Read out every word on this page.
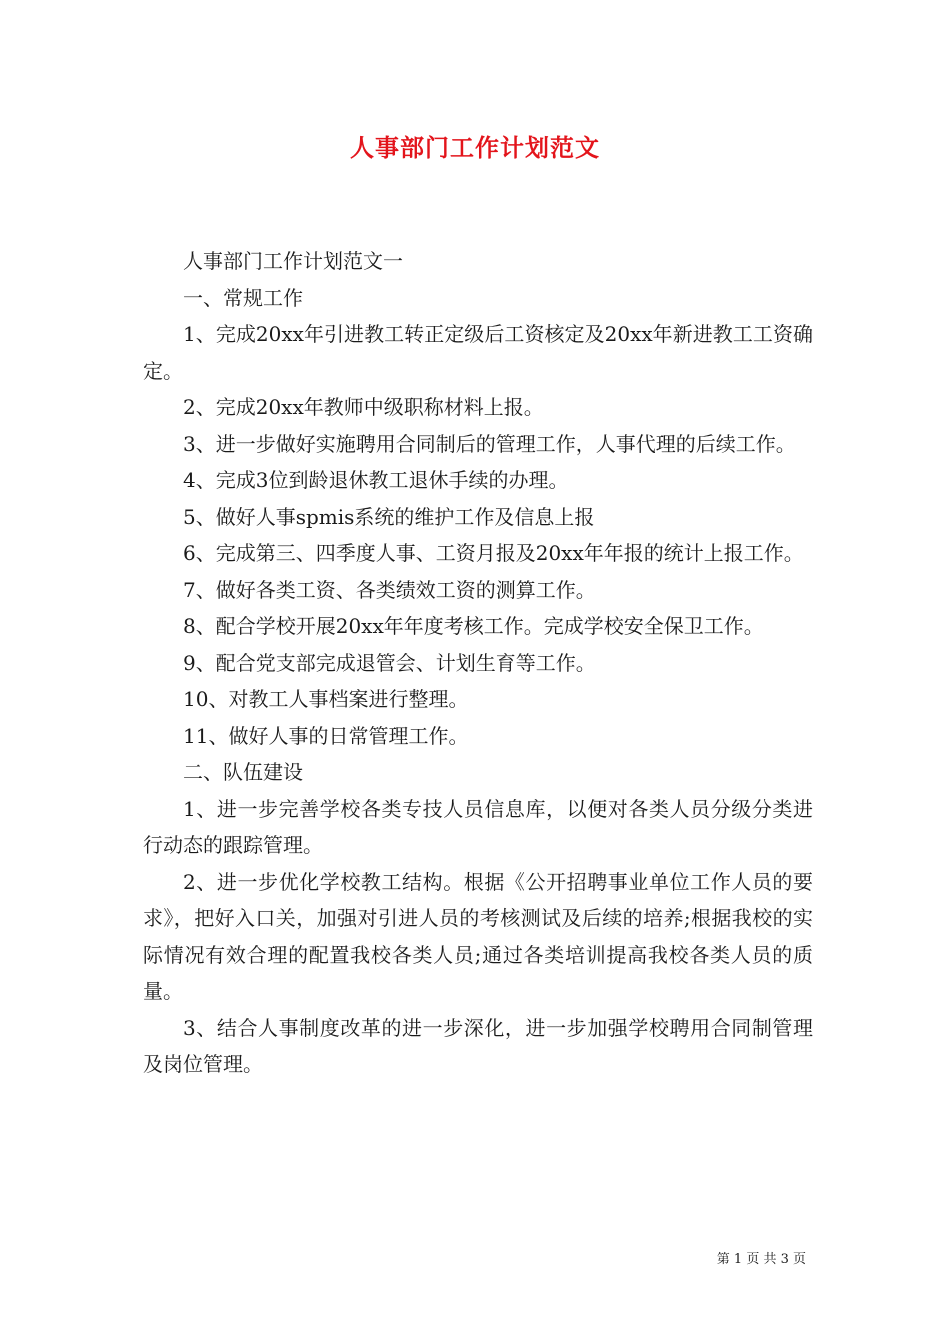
人事部门工作计划范文

人事部门工作计划范文一

一、常规工作

1、完成20xx年引进教工转正定级后工资核定及20xx年新进教工工资确定。

2、完成20xx年教师中级职称材料上报。

3、进一步做好实施聘用合同制后的管理工作，人事代理的后续工作。

4、完成3位到龄退休教工退休手续的办理。

5、做好人事spmis系统的维护工作及信息上报

6、完成第三、四季度人事、工资月报及20xx年年报的统计上报工作。

7、做好各类工资、各类绩效工资的测算工作。

8、配合学校开展20xx年年度考核工作。完成学校安全保卫工作。

9、配合党支部完成退管会、计划生育等工作。

10、对教工人事档案进行整理。

11、做好人事的日常管理工作。

二、队伍建设

1、进一步完善学校各类专技人员信息库，以便对各类人员分级分类进行动态的跟踪管理。

2、进一步优化学校教工结构。根据《公开招聘事业单位工作人员的要求》，把好入口关，加强对引进人员的考核测试及后续的培养;根据我校的实际情况有效合理的配置我校各类人员;通过各类培训提高我校各类人员的质量。

3、结合人事制度改革的进一步深化，进一步加强学校聘用合同制管理及岗位管理。

第 1 页 共 3 页
